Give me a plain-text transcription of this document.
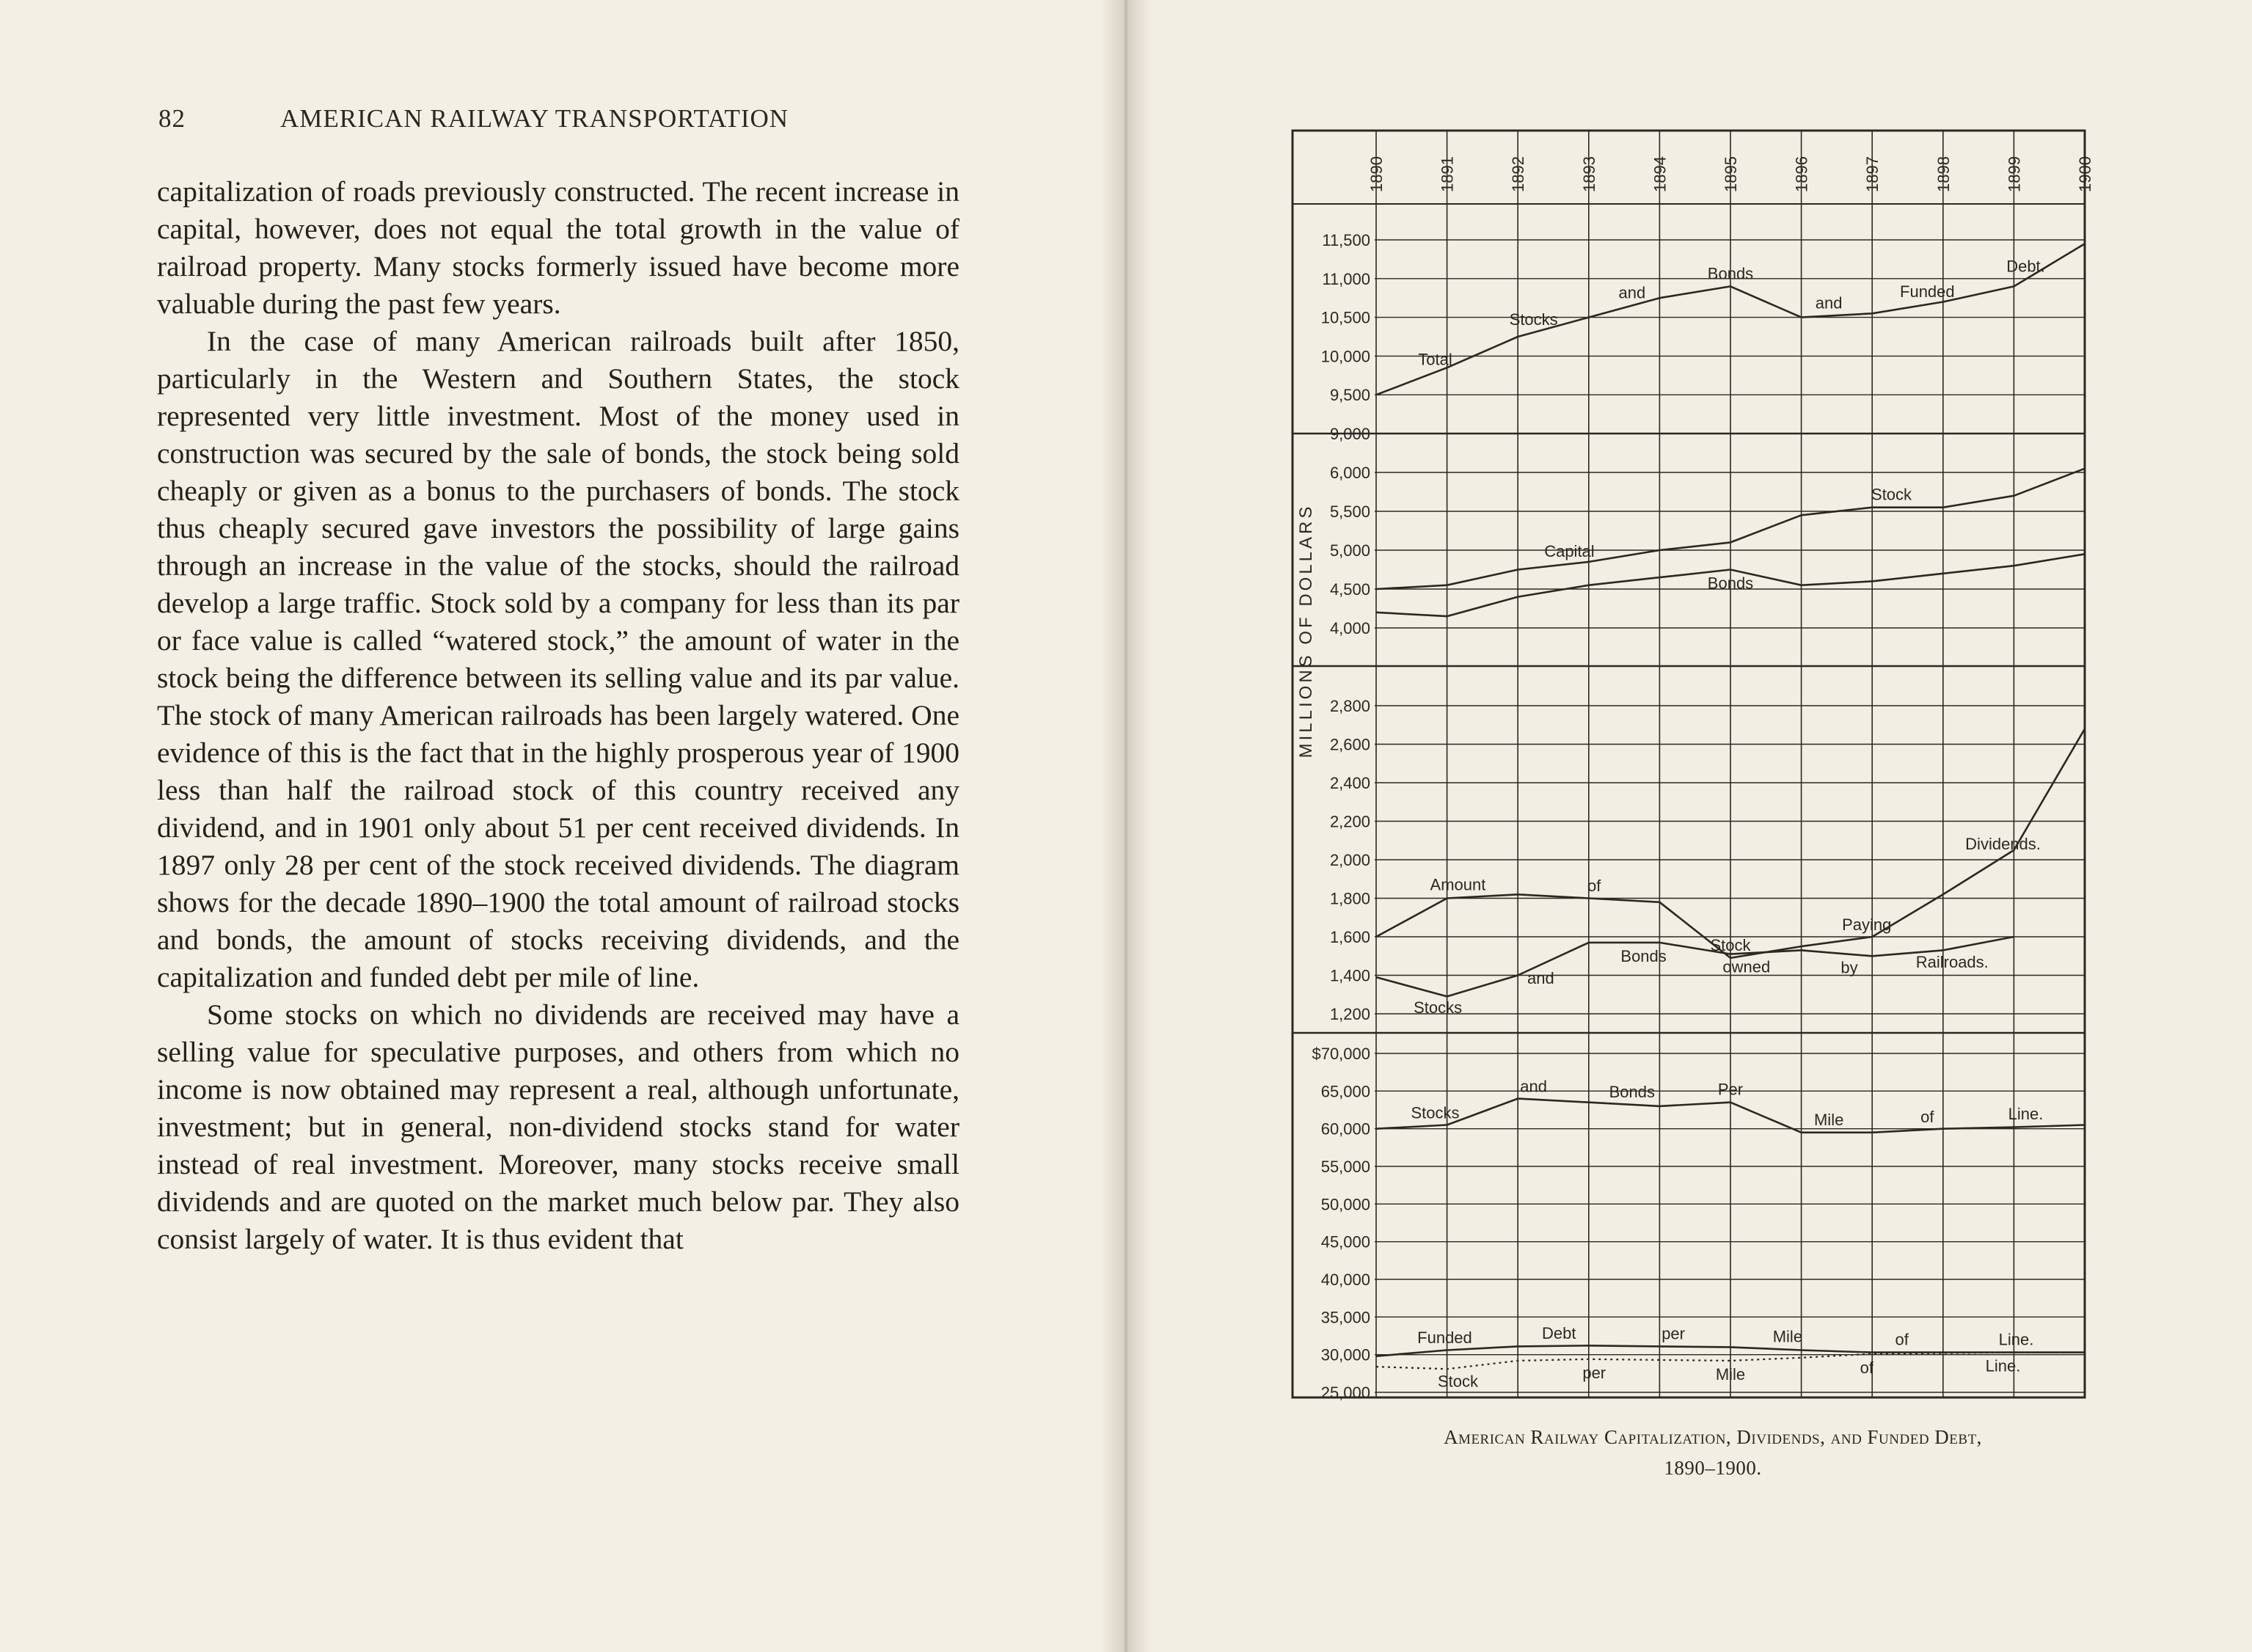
82	AMERICAN RAILWAY TRANSPORTATION

capitalization of roads previously constructed. The recent increase in capital, however, does not equal the total growth in the value of railroad property. Many stocks formerly issued have become more valuable during the past few years.

In the case of many American railroads built after 1850, particularly in the Western and Southern States, the stock represented very little investment. Most of the money used in construction was secured by the sale of bonds, the stock being sold cheaply or given as a bonus to the purchasers of bonds. The stock thus cheaply secured gave investors the possibility of large gains through an increase in the value of the stocks, should the railroad develop a large traffic. Stock sold by a company for less than its par or face value is called “watered stock,” the amount of water in the stock being the difference between its selling value and its par value. The stock of many American railroads has been largely watered. One evidence of this is the fact that in the highly prosperous year of 1900 less than half the railroad stock of this country received any dividend, and in 1901 only about 51 per cent received dividends. In 1897 only 28 per cent of the stock received dividends. The diagram shows for the decade 1890–1900 the total amount of railroad stocks and bonds, the amount of stocks receiving dividends, and the capitalization and funded debt per mile of line.

Some stocks on which no dividends are received may have a selling value for speculative purposes, and others from which no income is now obtained may represent a real, although unfortunate, investment; but in general, non-dividend stocks stand for water instead of real investment. Moreover, many stocks receive small dividends and are quoted on the market much below par. They also consist largely of water. It is thus evident that

1890	1891	1892	1893	1894	1895	1896	1897	1898	1899	1900
11,500
11,000
10,500
10,000
9,500
9,000
6,000
5,500
5,000
4,500
4,000
2,800
2,600
2,400
2,200
2,000
1,800
1,600
1,400
1,200
$70,000
65,000
60,000
55,000
50,000
45,000
40,000
35,000
30,000
25,000
MILLIONS OF DOLLARS
Total
Stocks
and
Bonds
and
Funded
Debt.
Capital
Stock
Bonds
Amount	of
Stock
Paying
Dividends.
Stocks
and
Bonds
owned	by	Railroads.
Stocks
and	Bonds	Per
Mile	of	Line.
Funded	Debt	per	Mile	of	Line.
Stock	per	Mile	of	Line.
American Railway Capitalization, Dividends, and Funded Debt,
1890–1900.
